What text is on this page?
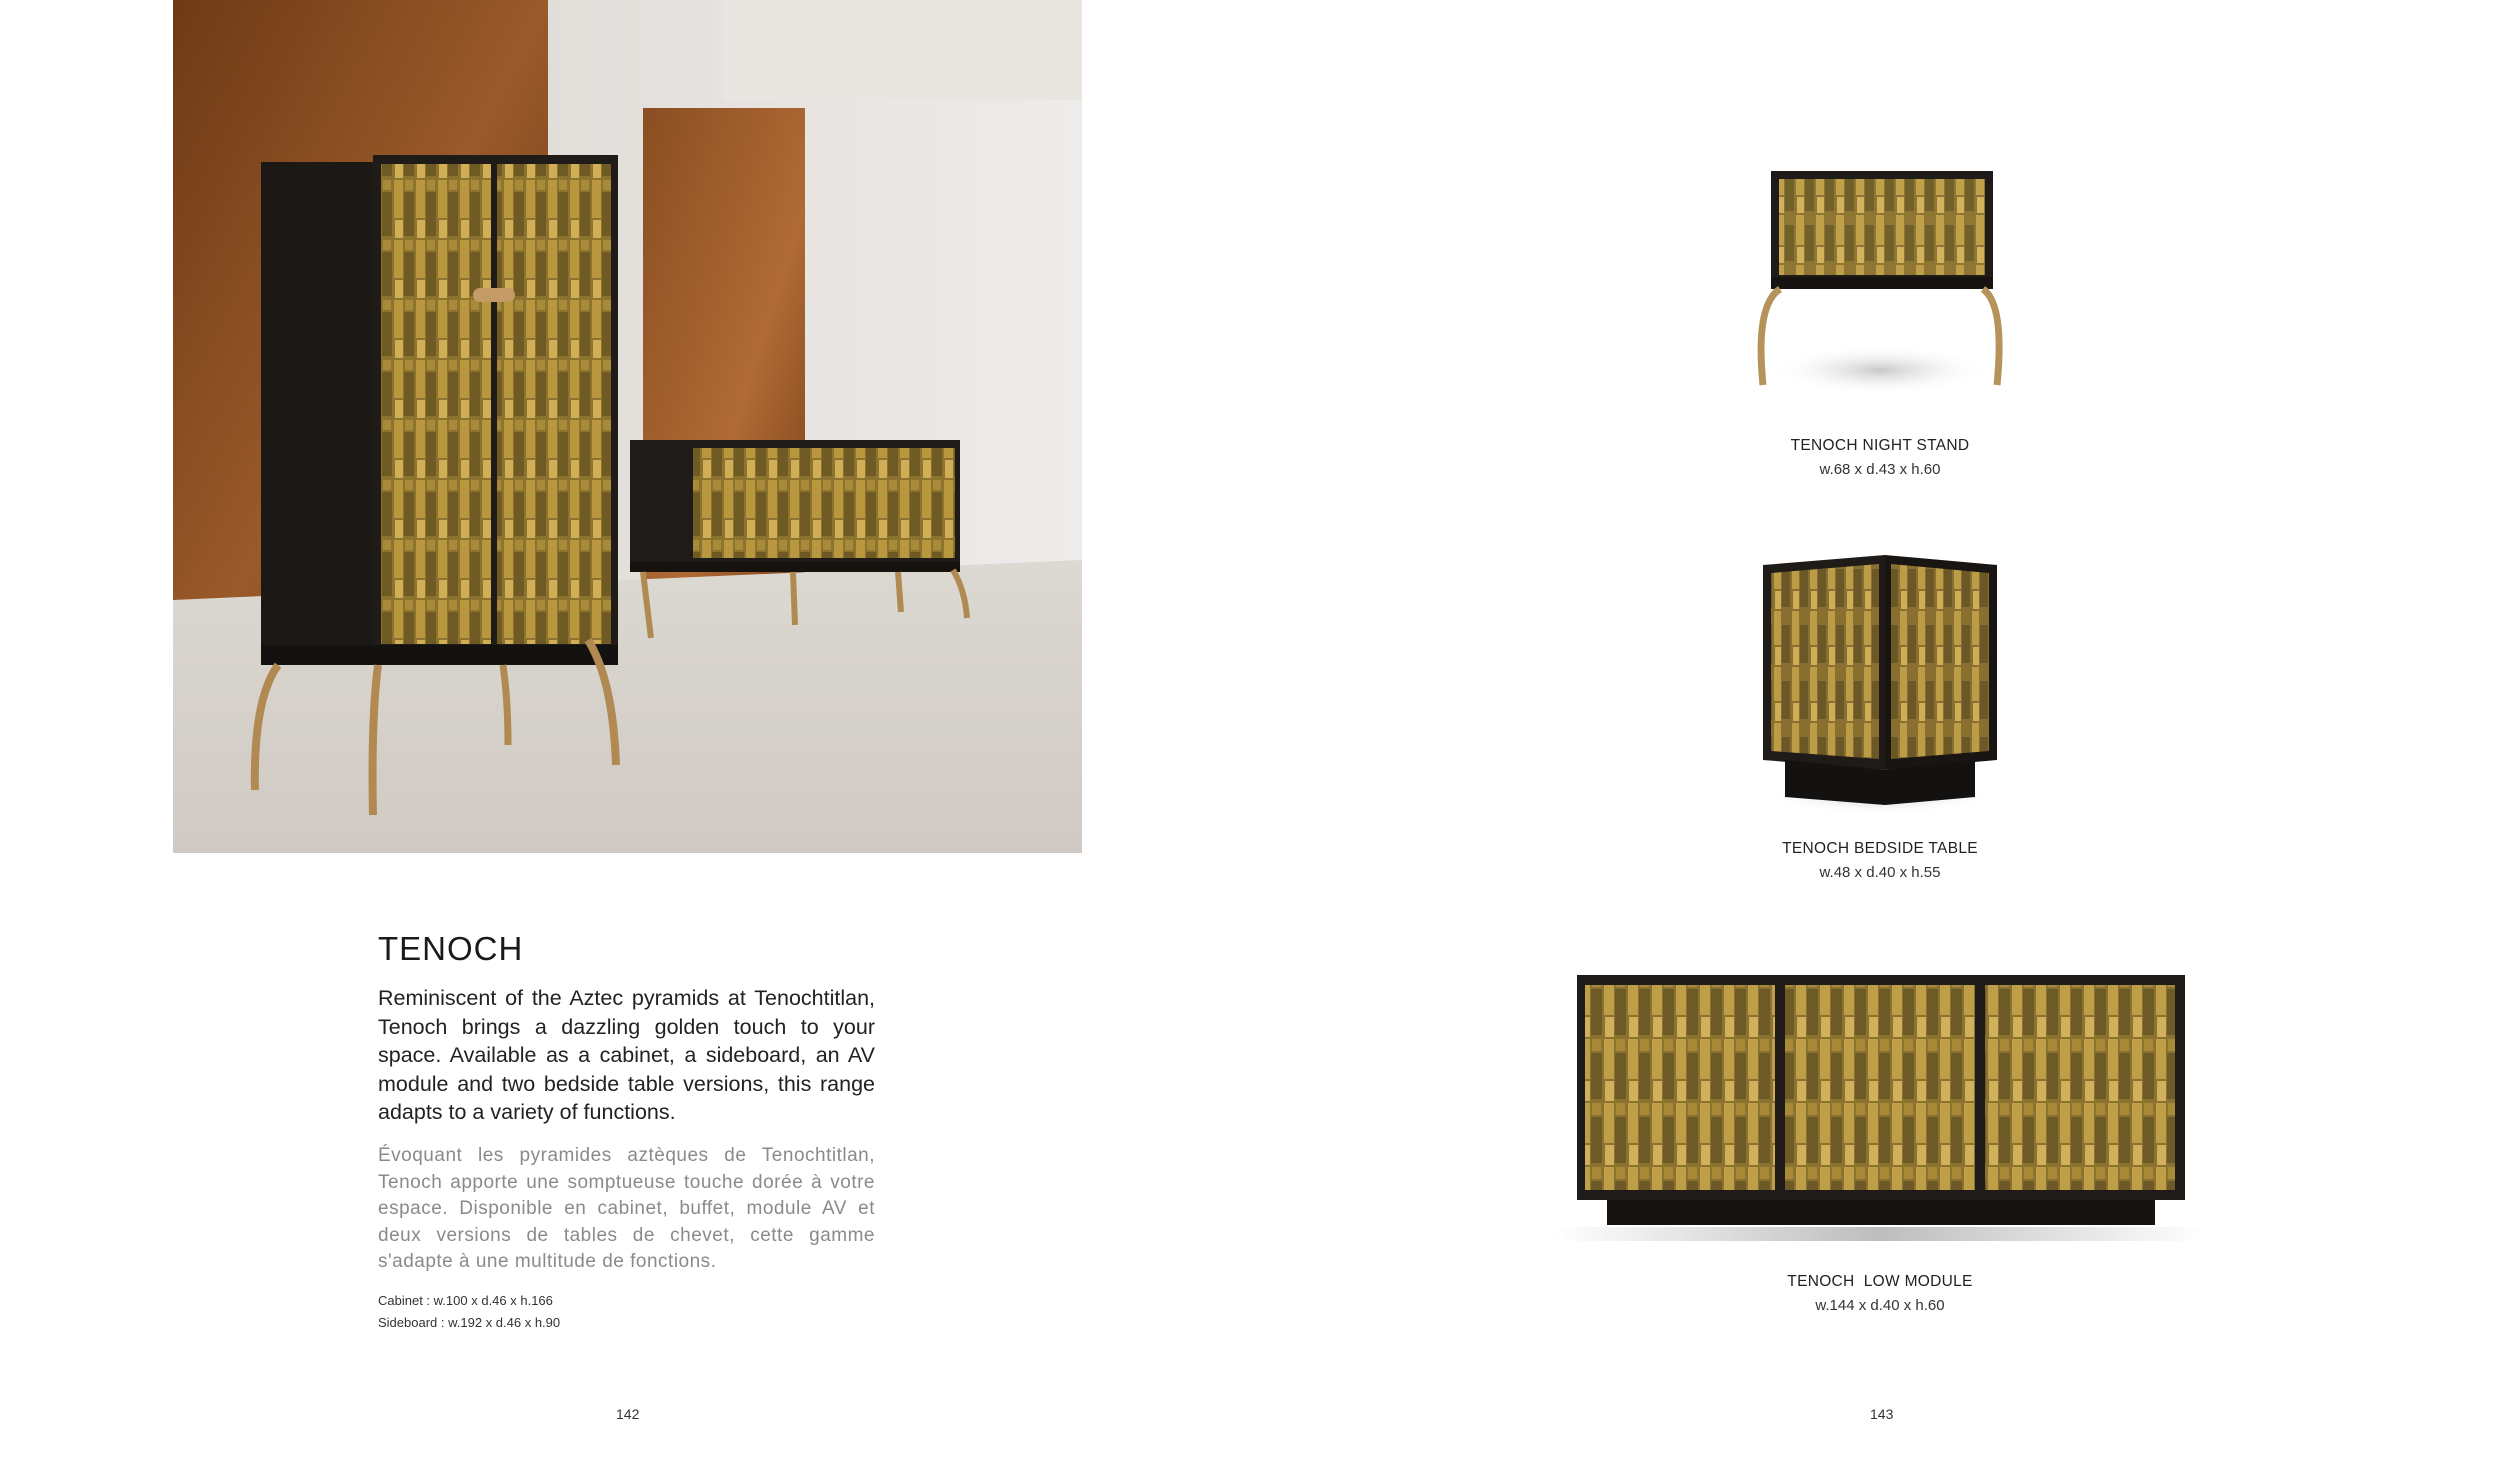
TENOCH
Reminiscent of the Aztec pyramids at Tenochtitlan, Tenoch brings a dazzling golden touch to your space. Available as a cabinet, a sideboard, an AV module and two bedside table versions, this range adapts to a variety of functions.
Évoquant les pyramides aztèques de Tenochtitlan, Tenoch apporte une somptueuse touche dorée à votre espace. Disponible en cabinet, buffet, module AV et deux versions de tables de chevet, cette gamme s'adapte à une multitude de fonctions.
Cabinet : w.100 x d.46 x h.166
Sideboard : w.192 x d.46 x h.90
142
TENOCH NIGHT STAND
w.68 x d.43 x h.60
TENOCH BEDSIDE TABLE
w.48 x d.40 x h.55
TENOCH  LOW MODULE
w.144 x d.40 x h.60
143
